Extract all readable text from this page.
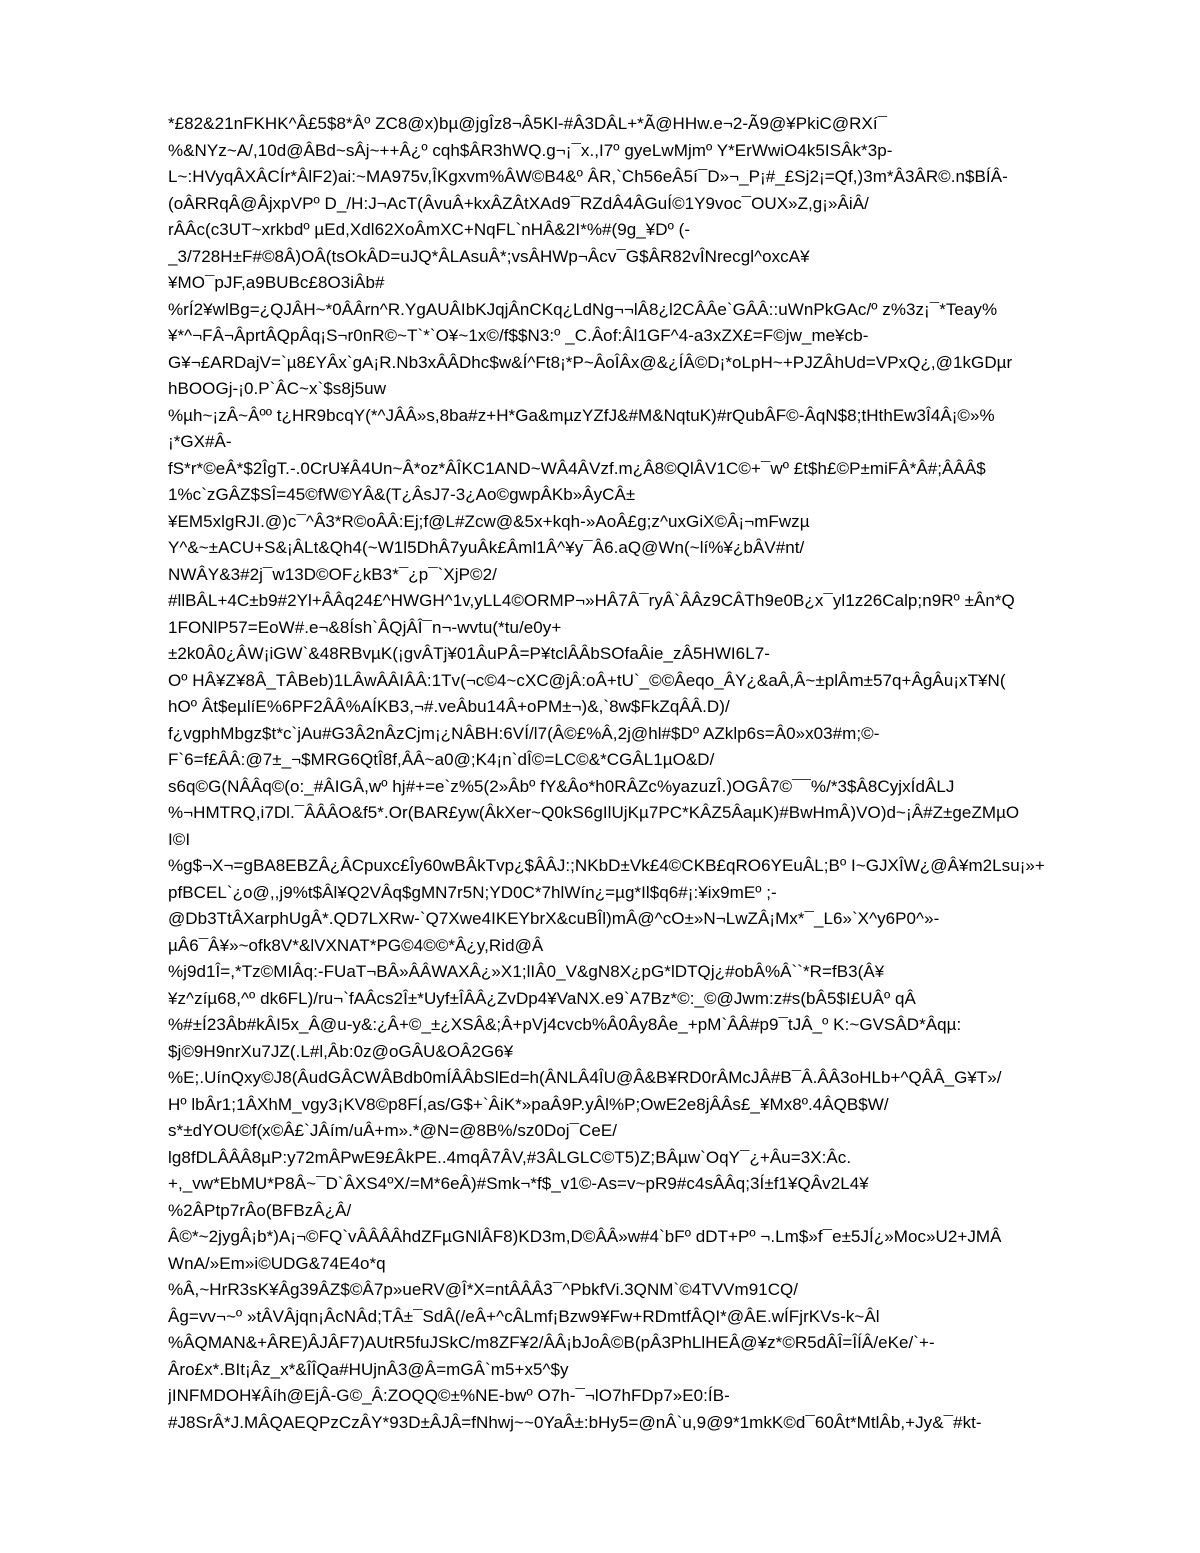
*£82&21nFKHK^Â£5$8*Âº ZC8@x)bµ@jgÎz8¬Â5Kl-#Â3DÂL+*Ã@HHw.e¬2-Ã9@¥PkiC@RXí¯
%&NYz~A/,10d@ÂBd~sÂj~++Â¿º cqh$ÂR3hWQ.g¬¡¯x.,I7º gyeLwMjmº Y*ErWwiO4k5ISÂk*3p-
L~:HVyqÂXÂCÍr*ÂlF2)ai:~MA975v,ÎKgxvm%ÂW©B4&º ÂR,`Ch56eÂ5í¯D»¬_P¡#_£Sj2¡=Qf,)3m*Â3ÂR©.n$BÍÂ-
(oÂRRqÂ@ÂjxpVPº D_/H:J¬AcT(ÂvuÂ+kxÂZÂtXAd9¯RZdÂ4ÂGuÍ©1Y9voc¯OUX»Z,g¡»ÂiÂ/
rÂÂc(c3UT~xrkbdº µEd,Xdl62XoÂmXC+NqFL`nHÂ&2I*%#(9g_¥Dº (-
_3/728H±F#©8Â)OÂ(tsOkÂD=uJQ*ÂLAsuÂ*;vsÂHWp¬Âcv¯G$ÂR82vÎNrecgl^oxcA¥
¥MO¯pJF,a9BUBc£8O3iÂb#
%rÍ2¥wlBg=¿QJÂH~*0ÂÂrn^R.YgAUÂIbKJqjÂnCKq¿LdNg¬¬lÂ8¿l2CÂÂe`GÂÂ::uWnPkGAc/º z%3z¡¯*Teay%
¥*^¬FÂ¬ÂprtÂQpÂq¡S¬r0nR©~T`*`O¥~1x©/f$$N3:º _C.Âof:Âl1GF^4-a3xZX£=F©jw_me¥cb-
G¥¬£ARDajV=`µ8£YÂx`gA¡R.Nb3xÂÂDhc$w&Í^Ft8¡*P~ÂoÎÂx@&¿ÍÂ©D¡*oLpH~+PJZÂhUd=VPxQ¿,@1kGDµr
hBOOGj-¡0.P`ÂC~x`$s8j5uw
%µh~¡zÂ~Âºº t¿HR9bcqY(*^JÂÂ»s,8ba#z+H*Ga&mµzYZfJ&#M&NqtuK)#rQubÂF©-ÂqN$8;tHthEw3Î4Â¡©»%
¡*GX#Â-
fS*r*©eÂ*$2ÎgT.-.0CrU¥Â4Un~Â*oz*ÂÎKC1AND~WÂ4ÂVzf.m¿Â8©QlÂV1C©+¯wº £t$h£©P±miFÂ*Â#;ÂÂÂ$
1%c`zGÂZ$SÎ=45©fW©YÂ&(T¿ÂsJ7-3¿Ao©gwpÂKb»ÂyCÂ±
¥EM5xlgRJI.@)c¯^Â3*R©oÂÂ:Ej;f@L#Zcw@&5x+kqh-»AoÂ£g;z^uxGiX©Â¡¬mFwzµ
Y^&~±ACU+S&¡ÂLt&Qh4(~W1l5DhÂ7yuÂk£Âml1Â^¥y¯Â6.aQ@Wn(~lí%¥¿bÂV#nt/
NWÂY&3#2j¯w13D©OF¿kB3*¯¿p¯`XjP©2/
#llBÂL+4C±b9#2Yl+ÂÂq24£^HWGH^1v,yLL4©ORMP¬»HÂ7Â¯ryÂ`ÂÂz9CÂTh9e0B¿x¯yl1z26Calp;n9Rº ±Ân*Q
1FONlP57=EoW#.e¬&8Ísh`ÂQjÂÎ¯n¬-wvtu(*tu/e0y+
±2k0Â0¿ÂW¡iGW`&48RBvµK(¡gvÂTj¥01ÂuPÂ=P¥tclÂÂbSOfaÂie_zÂ5HWI6L7-
Oº HÂ¥Z¥8Â_TÂBeb)1LÂwÂÂIÂÂ:1Tv(¬c©4~cXC@jÂ:oÂ+tU`_©©Âeqo_ÂY¿&aÂ,Â~±plÂm±57q+ÂgÂu¡xT¥N(
hOº Ât$eµlíE%6PF2ÂÂ%AÍKB3,¬#.veÂbu14Â+oPM±¬)&,`8w$FkZqÂÂ.D)/
f¿vgphMbgz$t*c`jAu#G3Â2nÂzCjm¡¿NÂBH:6VÍ/l7(Â©£%Â,2j@hl#$Dº AZklp6s=Â0»x03#m;©-
F`6=f£ÂÂ:@7±_¬$MRG6QtÎ8f,ÂÂ~a0@;K4¡n`dÎ©=LC©&*CGÂL1µO&D/
s6q©G(NÂÂq©(o:_#ÂIGÂ,wº hj#+=e`z%5(2»Âbº fY&Âo*h0RÂZc%yazuzÎ.)OGÂ7©¯¯%/*3$Â8CyjxÍdÂLJ
%¬HMTRQ,i7Dl.¯ÂÂÂO&f5*.Or(BAR£yw(ÂkXer~Q0kS6gIlUjKµ7PC*KÂZ5ÂaµK)#BwHmÂ)VO)d~¡Â#Z±geZMµO
I©I
%g$¬X¬=gBA8EBZÂ¿ÂCpuxc£Îy60wBÂkTvp¿$ÂÂJ:;NKbD±Vk£4©CKB£qRO6YEuÂL;Bº I~GJXÎW¿@Â¥m2Lsu¡»+
pfBCEL`¿o@,,j9%t$Âl¥Q2VÂq$gMN7r5N;YD0C*7hlWín¿=µg*Il$q6#¡:¥ix9mEº ;-
@Db3TtÂXarphUgÂ*.QD7LXRw-`Q7Xwe4IKEYbrX&cuBÎl)mÂ@^cO±»N¬LwZÂ¡Mx*¯_L6»`X^y6P0^»-
µÂ6¯Â¥»~ofk8V*&lVXNAT*PG©4©©*Â¿y,Rid@Â
%j9d1Î=,*Tz©MIÂq:-FUaT¬BÂ»ÂÂWAXÂ¿»X1;lIÂ0_V&gN8X¿pG*lDTQj¿#obÂ%Â``*R=fB3(Â¥
¥z^zíµ68,^º dk6FL)/ru¬`fAÂcs2Î±*Uyf±ÎÂÂ¿ZvDp4¥VaNX.e9`A7Bz*©:_©@Jwm:z#s(bÂ5$I£UÂº qÂ
%#±Í23Âb#kÂI5x_Â@u-y&:¿Â+©_±¿XSÂ&;Â+pVj4cvcb%Â0Ây8Âe_+pM`ÂÂ#p9¯tJÂ_º K:~GVSÂD*Âqµ:
$j©9H9nrXu7JZ(.L#l,Âb:0z@oGÂU&OÂ2G6¥
%E;.UínQxy©J8(ÂudGÂCWÂBdb0mÍÂÂbSlEd=h(ÂNLÂ4ÎU@Â&B¥RD0rÂMcJÂ#B¯Â.ÂÂ3oHLb+^QÂÂ_G¥T»/
Hº lbÂr1;1ÂXhM_vgy3¡KV8©p8FÍ,as/G$+`ÂiK*»paÂ9P.yÂl%P;OwE2e8jÂÂs£_¥Mx8º.4ÂQB$W/
s*±dYOU©f(x©Â£`JÂím/uÂ+m».*@N=@8B%/sz0Doj¯CeE/
lg8fDLÂÂÂ8µP:y72mÂPwE9£ÂkPE..4mqÂ7ÂV,#3ÂLGLC©T5)Z;BÂµw`OqY¯¿+Âu=3X:Âc.
+,_vw*EbMU*P8Â~¯D`ÂXS4ºX/=M*6eÂ)#Smk¬*f$_v1©-As=v~pR9#c4sÂÂq;3Í±f1¥QÂv2L4¥
%2ÂPtp7rÂo(BFBzÂ¿Â/
Â©*~2jygÂ¡b*)A¡¬©FQ`vÂÂÂÂhdZFµGNlÂF8)KD3m,D©ÂÂ»w#4`bFº dDT+Pº ¬.Lm$»f¯e±5JÍ¿»Moc»U2+JMÂ
WnA/»Em»i©UDG&74E4o*q
%Â,~HrR3sK¥Âg39ÂZ$©Â7p»ueRV@Î*X=ntÂÂÂ3¯^PbkfVi.3QNM`©4TVVm91CQ/
Âg=vv¬~º »tÂVÂjqn¡ÂcNÂd;TÂ±¯SdÂ(/eÂ+^cÂLmf¡Bzw9¥Fw+RDmtfÂQI*@ÂE.wÍFjrKVs-k~Âl
%ÂQMAN&+ÂRE)ÂJÂF7)AUtR5fuJSkC/m8ZF¥2/ÂÂ¡bJoÂ©B(pÂ3PhLlHEÂ@¥z*©R5dÂÎ=ÎÍÂ/eKe/`+-
Âro£x*.BIt¡Âz_x*&ÎÎQa#HUjnÂ3@Â=mGÂ`m5+x5^$y
jINFMDOH¥Âíh@EjÂ-G©_Â:ZOQQ©±%NE-bwº O7h-¯¬lO7hFDp7»E0:ÍB-
#J8SrÂ*J.MÂQAEQPzCzÂY*93D±ÂJÂ=fNhwj~~0YaÂ±:bHy5=@nÂ`u,9@9*1mkK©d¯60Ât*MtlÂb,+Jy&¯#kt-
